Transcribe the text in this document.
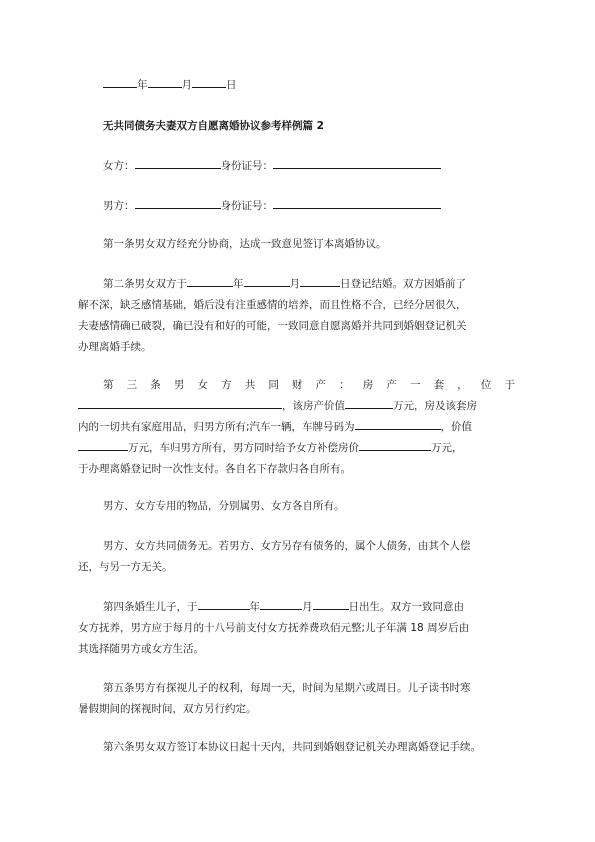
年	月	日
无共同债务夫妻双方自愿离婚协议参考样例篇 2
女方：	身份证号：
男方：	身份证号：
第一条男女双方经充分协商，达成一致意见签订本离婚协议。
第二条男女双方于	年	月	日登记结婚。双方因婚前了
解不深，缺乏感情基础，婚后没有注重感情的培养，而且性格不合，已经分居很久，
夫妻感情确已破裂，确已没有和好的可能，一致同意自愿离婚并共同到婚姻登记机关
办理离婚手续。
第 三 条 男 女 方 共 同 财 产 ： 房 产 一 套 ， 位 于
，该房产价值	万元，房及该套房
内的一切共有家庭用品，归男方所有;汽车一辆，车牌号码为	，价值
万元，车归男方所有，男方同时给予女方补偿房价	万元，
于办理离婚登记时一次性支付。各自名下存款归各自所有。
男方、女方专用的物品，分别属男、女方各自所有。
男方、女方共同债务无。若男方、女方另存有债务的，属个人债务，由其个人偿
还，与另一方无关。
第四条婚生儿子，于	年	月	日出生。双方一致同意由
女方抚养，男方应于每月的十八号前支付女方抚养费玖佰元整;儿子年满 18 周岁后由
其选择随男方或女方生活。
第五条男方有探视儿子的权利，每周一天，时间为星期六或周日。儿子读书时寒
暑假期间的探视时间，双方另行约定。
第六条男女双方签订本协议日起十天内，共同到婚姻登记机关办理离婚登记手续。
